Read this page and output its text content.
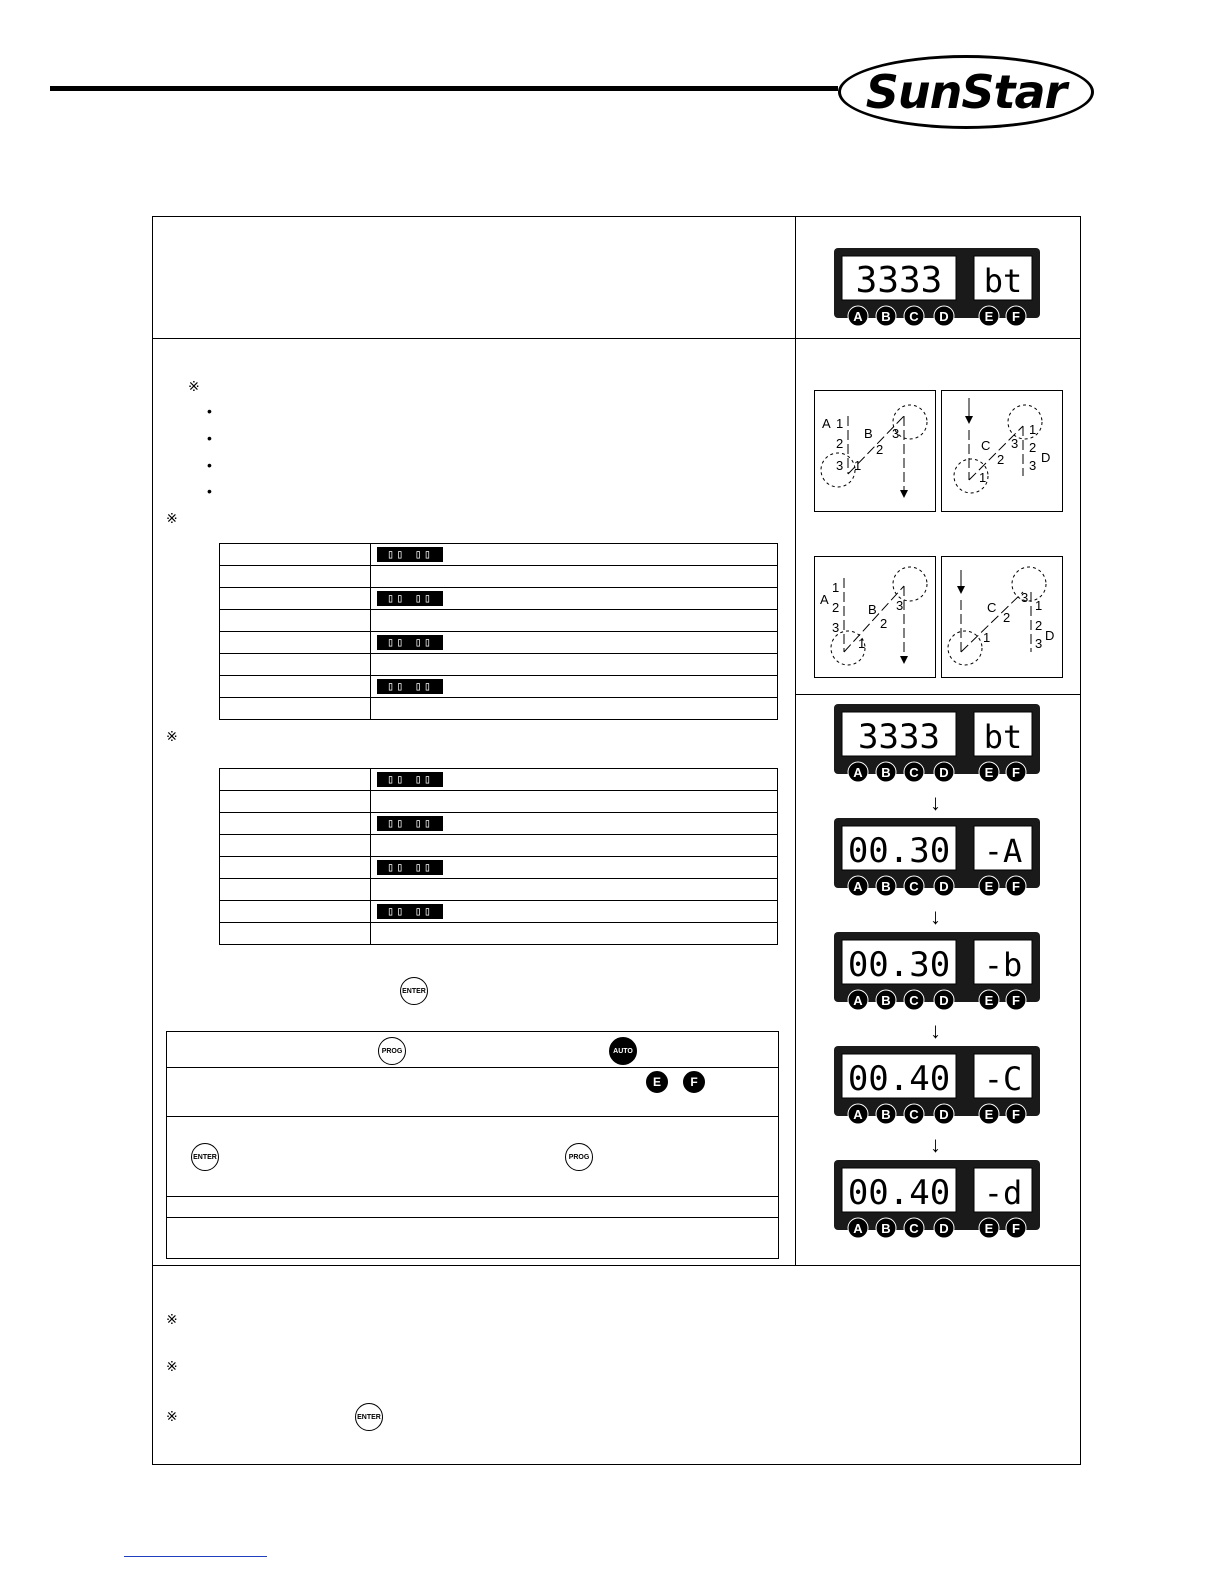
SunStar
3333 bt
A B C D	E F
※
•
•
•
•
※
	▯▯ ▯▯

	▯▯ ▯▯

	▯▯ ▯▯

	▯▯ ▯▯

※
	▯▯ ▯▯

	▯▯ ▯▯

	▯▯ ▯▯

	▯▯ ▯▯

ENTER
PROG	AUTO
E	F
ENTER	PROG
※
※
※	ENTER
A 1
2
3
B
2
3
1
C
2
3
1
2
3
D
1
A
1
2
3
B
2
3
1
C
2
3
1
2
3
D
1
3333 bt
A B C D	E F
↓
00.30 -A
A B C D	E F
↓
00.30 -b
A B C D	E F
↓
00.40 -C
A B C D	E F
↓
00.40 -d
A B C D	E F
